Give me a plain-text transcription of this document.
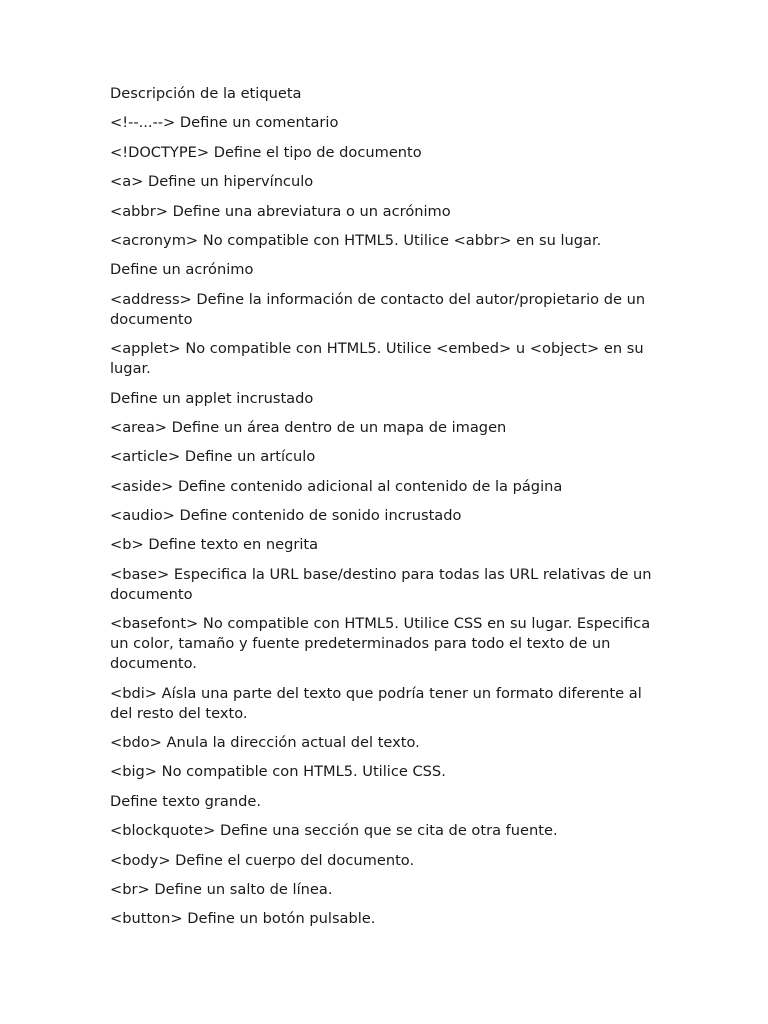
Descripción de la etiqueta

<!--...--> Define un comentario

<!DOCTYPE> Define el tipo de documento

<a> Define un hipervínculo

<abbr> Define una abreviatura o un acrónimo

<acronym> No compatible con HTML5. Utilice <abbr> en su lugar.

Define un acrónimo

<address> Define la información de contacto del autor/propietario de un documento

<applet> No compatible con HTML5. Utilice <embed> u <object> en su lugar.

Define un applet incrustado

<area> Define un área dentro de un mapa de imagen

<article> Define un artículo

<aside> Define contenido adicional al contenido de la página

<audio> Define contenido de sonido incrustado

<b> Define texto en negrita

<base> Especifica la URL base/destino para todas las URL relativas de un documento

<basefont> No compatible con HTML5. Utilice CSS en su lugar. Especifica un color, tamaño y fuente predeterminados para todo el texto de un documento.

<bdi> Aísla una parte del texto que podría tener un formato diferente al del resto del texto.

<bdo> Anula la dirección actual del texto.

<big> No compatible con HTML5. Utilice CSS.

Define texto grande.

<blockquote> Define una sección que se cita de otra fuente.

<body> Define el cuerpo del documento.

<br> Define un salto de línea.

<button> Define un botón pulsable.
